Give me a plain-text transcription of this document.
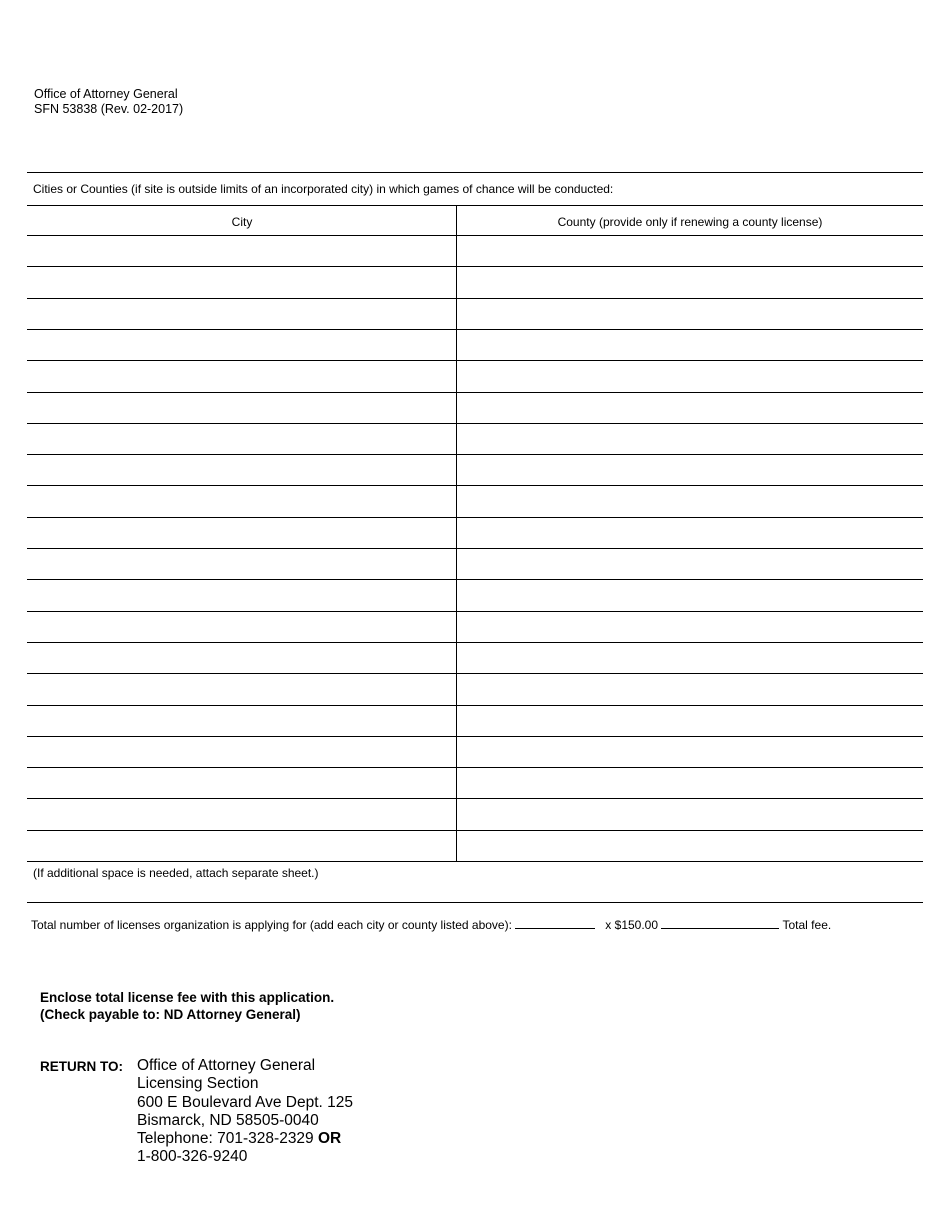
Office of Attorney General
SFN 53838 (Rev. 02-2017)
Cities or Counties (if site is outside limits of an incorporated city) in which games of chance will be conducted:
City	County (provide only if renewing a county license)
(If additional space is needed, attach separate sheet.)
Total number of licenses organization is applying for (add each city or county listed above):	x $150.00	Total fee.
Enclose total license fee with this application.
(Check payable to: ND Attorney General)
RETURN TO: Office of Attorney General
Licensing Section
600 E Boulevard Ave Dept. 125
Bismarck, ND 58505-0040
Telephone: 701-328-2329 OR
1-800-326-9240
